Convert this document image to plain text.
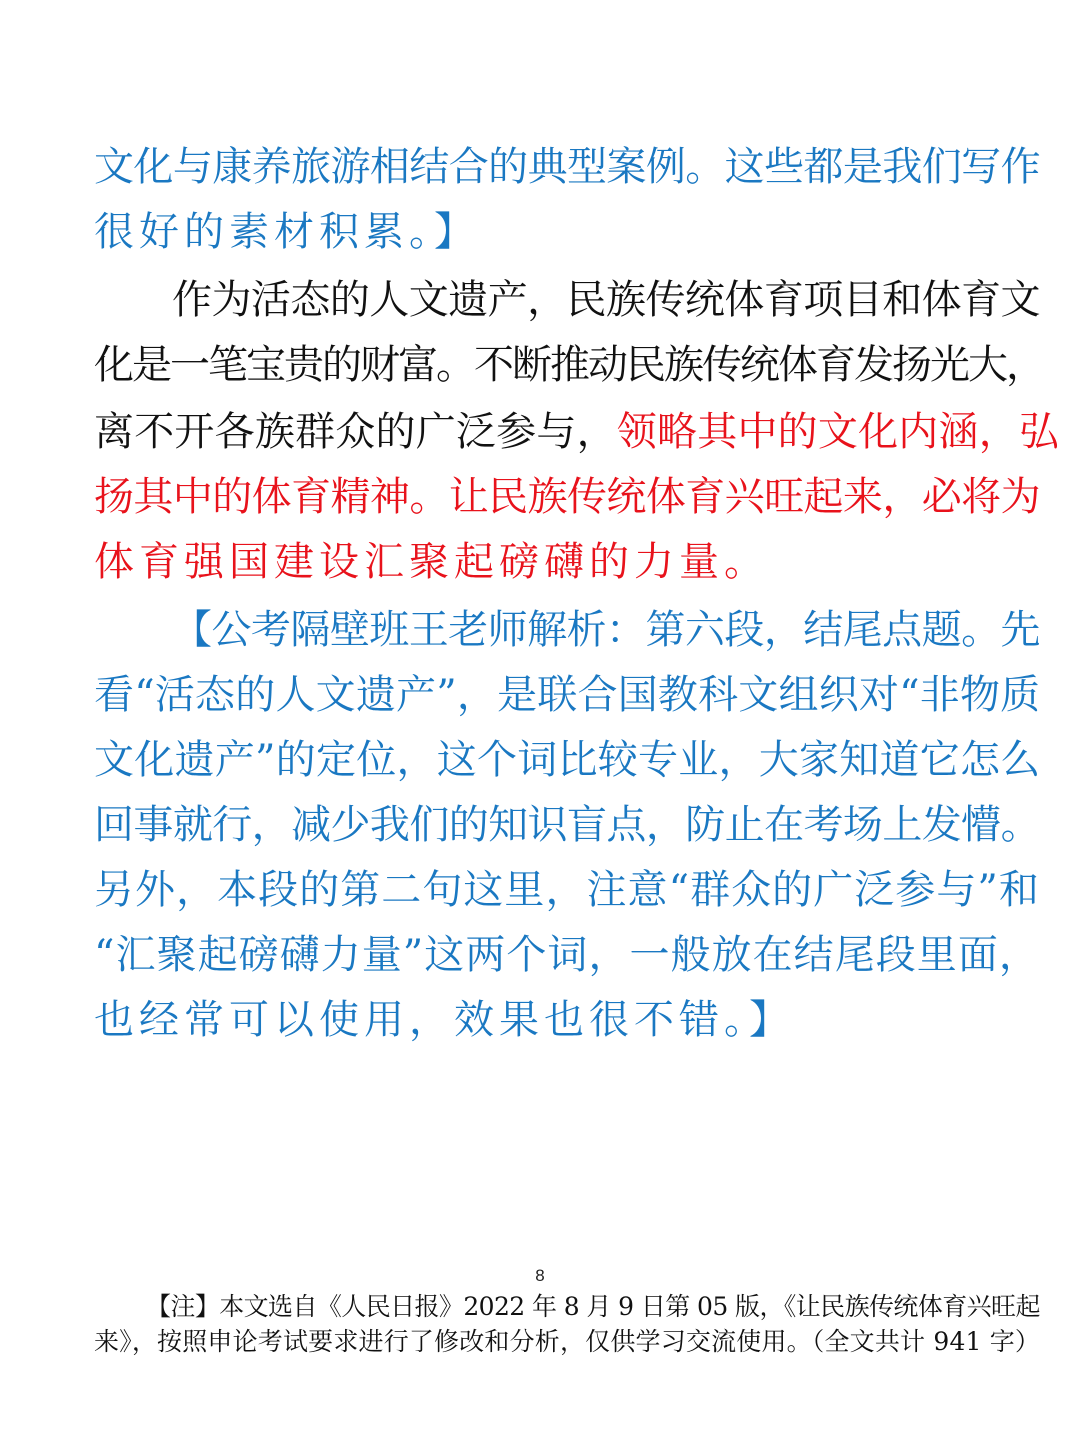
文化与康养旅游相结合的典型案例。这些都是我们写作
很好的素材积累。】
作为活态的人文遗产，民族传统体育项目和体育文
化是一笔宝贵的财富。不断推动民族传统体育发扬光大，
离不开各族群众的广泛参与，领略其中的文化内涵，弘
扬其中的体育精神。让民族传统体育兴旺起来，必将为
体育强国建设汇聚起磅礴的力量。
【公考隔壁班王老师解析：第六段，结尾点题。先
看“活态的人文遗产”，是联合国教科文组织对“非物质
文化遗产”的定位，这个词比较专业，大家知道它怎么
回事就行，减少我们的知识盲点，防止在考场上发懵。
另外，本段的第二句这里，注意“群众的广泛参与”和
“汇聚起磅礴力量”这两个词，一般放在结尾段里面，
也经常可以使用，效果也很不错。】
8
【注】本文选自《人民日报》2022 年 8 月 9 日第 05 版，《让民族传统体育兴旺起
来》，按照申论考试要求进行了修改和分析，仅供学习交流使用。（全文共计 941 字）
